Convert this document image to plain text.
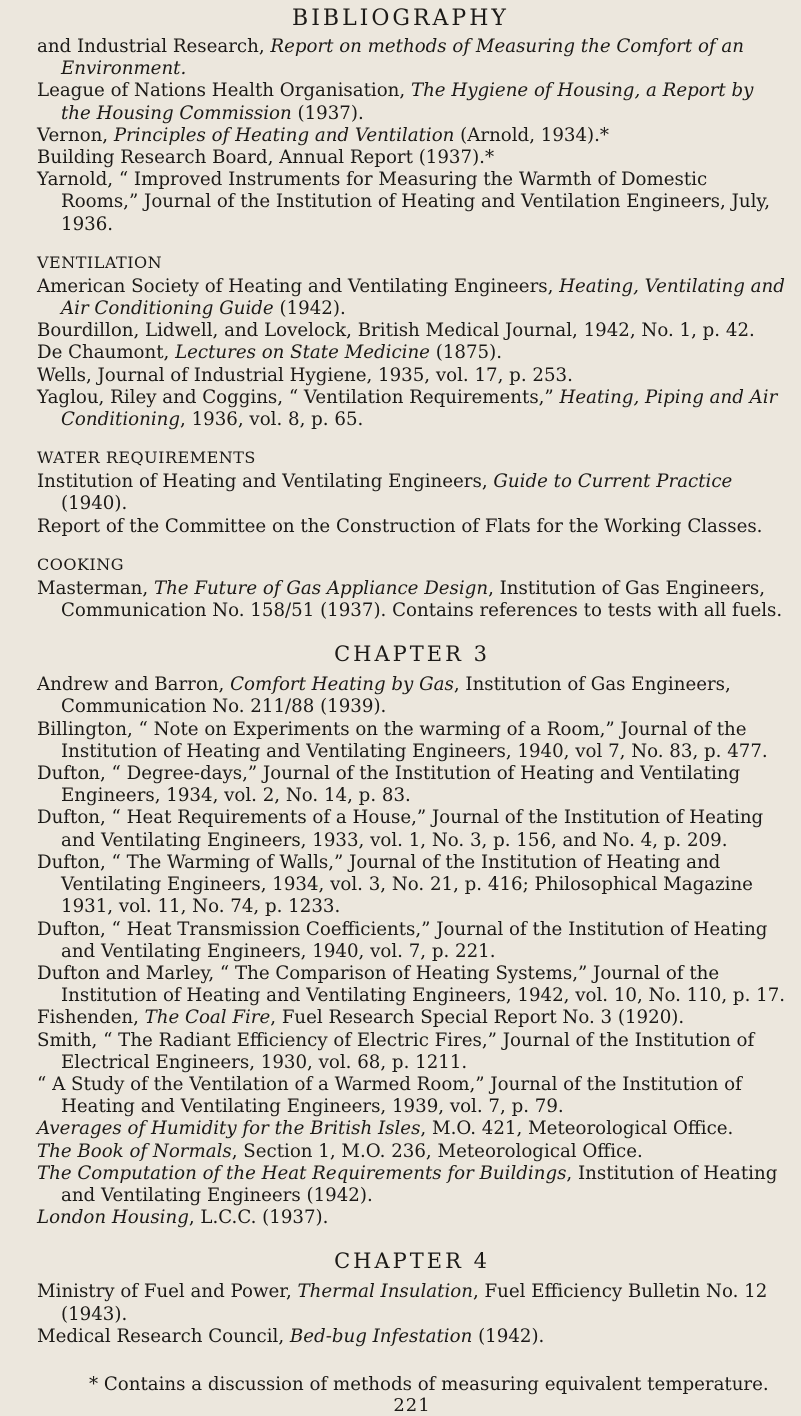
BIBLIOGRAPHY

and Industrial Research, Report on methods of Measuring the Comfort of an Environment.

League of Nations Health Organisation, The Hygiene of Housing, a Report by the Housing Commission (1937).

Vernon, Principles of Heating and Ventilation (Arnold, 1934).*

Building Research Board, Annual Report (1937).*

Yarnold, “ Improved Instruments for Measuring the Warmth of Domestic Rooms,” Journal of the Institution of Heating and Ventilation Engineers, July, 1936.

VENTILATION

American Society of Heating and Ventilating Engineers, Heating, Ventilating and Air Conditioning Guide (1942).

Bourdillon, Lidwell, and Lovelock, British Medical Journal, 1942, No. 1, p. 42.

De Chaumont, Lectures on State Medicine (1875).

Wells, Journal of Industrial Hygiene, 1935, vol. 17, p. 253.

Yaglou, Riley and Coggins, “ Ventilation Requirements,” Heating, Piping and Air Conditioning, 1936, vol. 8, p. 65.

WATER REQUIREMENTS

Institution of Heating and Ventilating Engineers, Guide to Current Practice (1940).

Report of the Committee on the Construction of Flats for the Working Classes.

COOKING

Masterman, The Future of Gas Appliance Design, Institution of Gas Engineers, Communication No. 158/51 (1937). Contains references to tests with all fuels.

CHAPTER 3

Andrew and Barron, Comfort Heating by Gas, Institution of Gas Engineers, Communication No. 211/88 (1939).

Billington, “ Note on Experiments on the warming of a Room,” Journal of the Institution of Heating and Ventilating Engineers, 1940, vol 7, No. 83, p. 477.

Dufton, “ Degree-days,” Journal of the Institution of Heating and Ventilating Engineers, 1934, vol. 2, No. 14, p. 83.

Dufton, “ Heat Requirements of a House,” Journal of the Institution of Heating and Ventilating Engineers, 1933, vol. 1, No. 3, p. 156, and No. 4, p. 209.

Dufton, “ The Warming of Walls,” Journal of the Institution of Heating and Ventilating Engineers, 1934, vol. 3, No. 21, p. 416; Philosophical Magazine 1931, vol. 11, No. 74, p. 1233.

Dufton, “ Heat Transmission Coefficients,” Journal of the Institution of Heating and Ventilating Engineers, 1940, vol. 7, p. 221.

Dufton and Marley, “ The Comparison of Heating Systems,” Journal of the Institution of Heating and Ventilating Engineers, 1942, vol. 10, No. 110, p. 17.

Fishenden, The Coal Fire, Fuel Research Special Report No. 3 (1920).

Smith, “ The Radiant Efficiency of Electric Fires,” Journal of the Institution of Electrical Engineers, 1930, vol. 68, p. 1211.

“ A Study of the Ventilation of a Warmed Room,” Journal of the Institution of Heating and Ventilating Engineers, 1939, vol. 7, p. 79.

Averages of Humidity for the British Isles, M.O. 421, Meteorological Office.

The Book of Normals, Section 1, M.O. 236, Meteorological Office.

The Computation of the Heat Requirements for Buildings, Institution of Heating and Ventilating Engineers (1942).

London Housing, L.C.C. (1937).

CHAPTER 4

Ministry of Fuel and Power, Thermal Insulation, Fuel Efficiency Bulletin No. 12 (1943).

Medical Research Council, Bed-bug Infestation (1942).

* Contains a discussion of methods of measuring equivalent temperature.
221
